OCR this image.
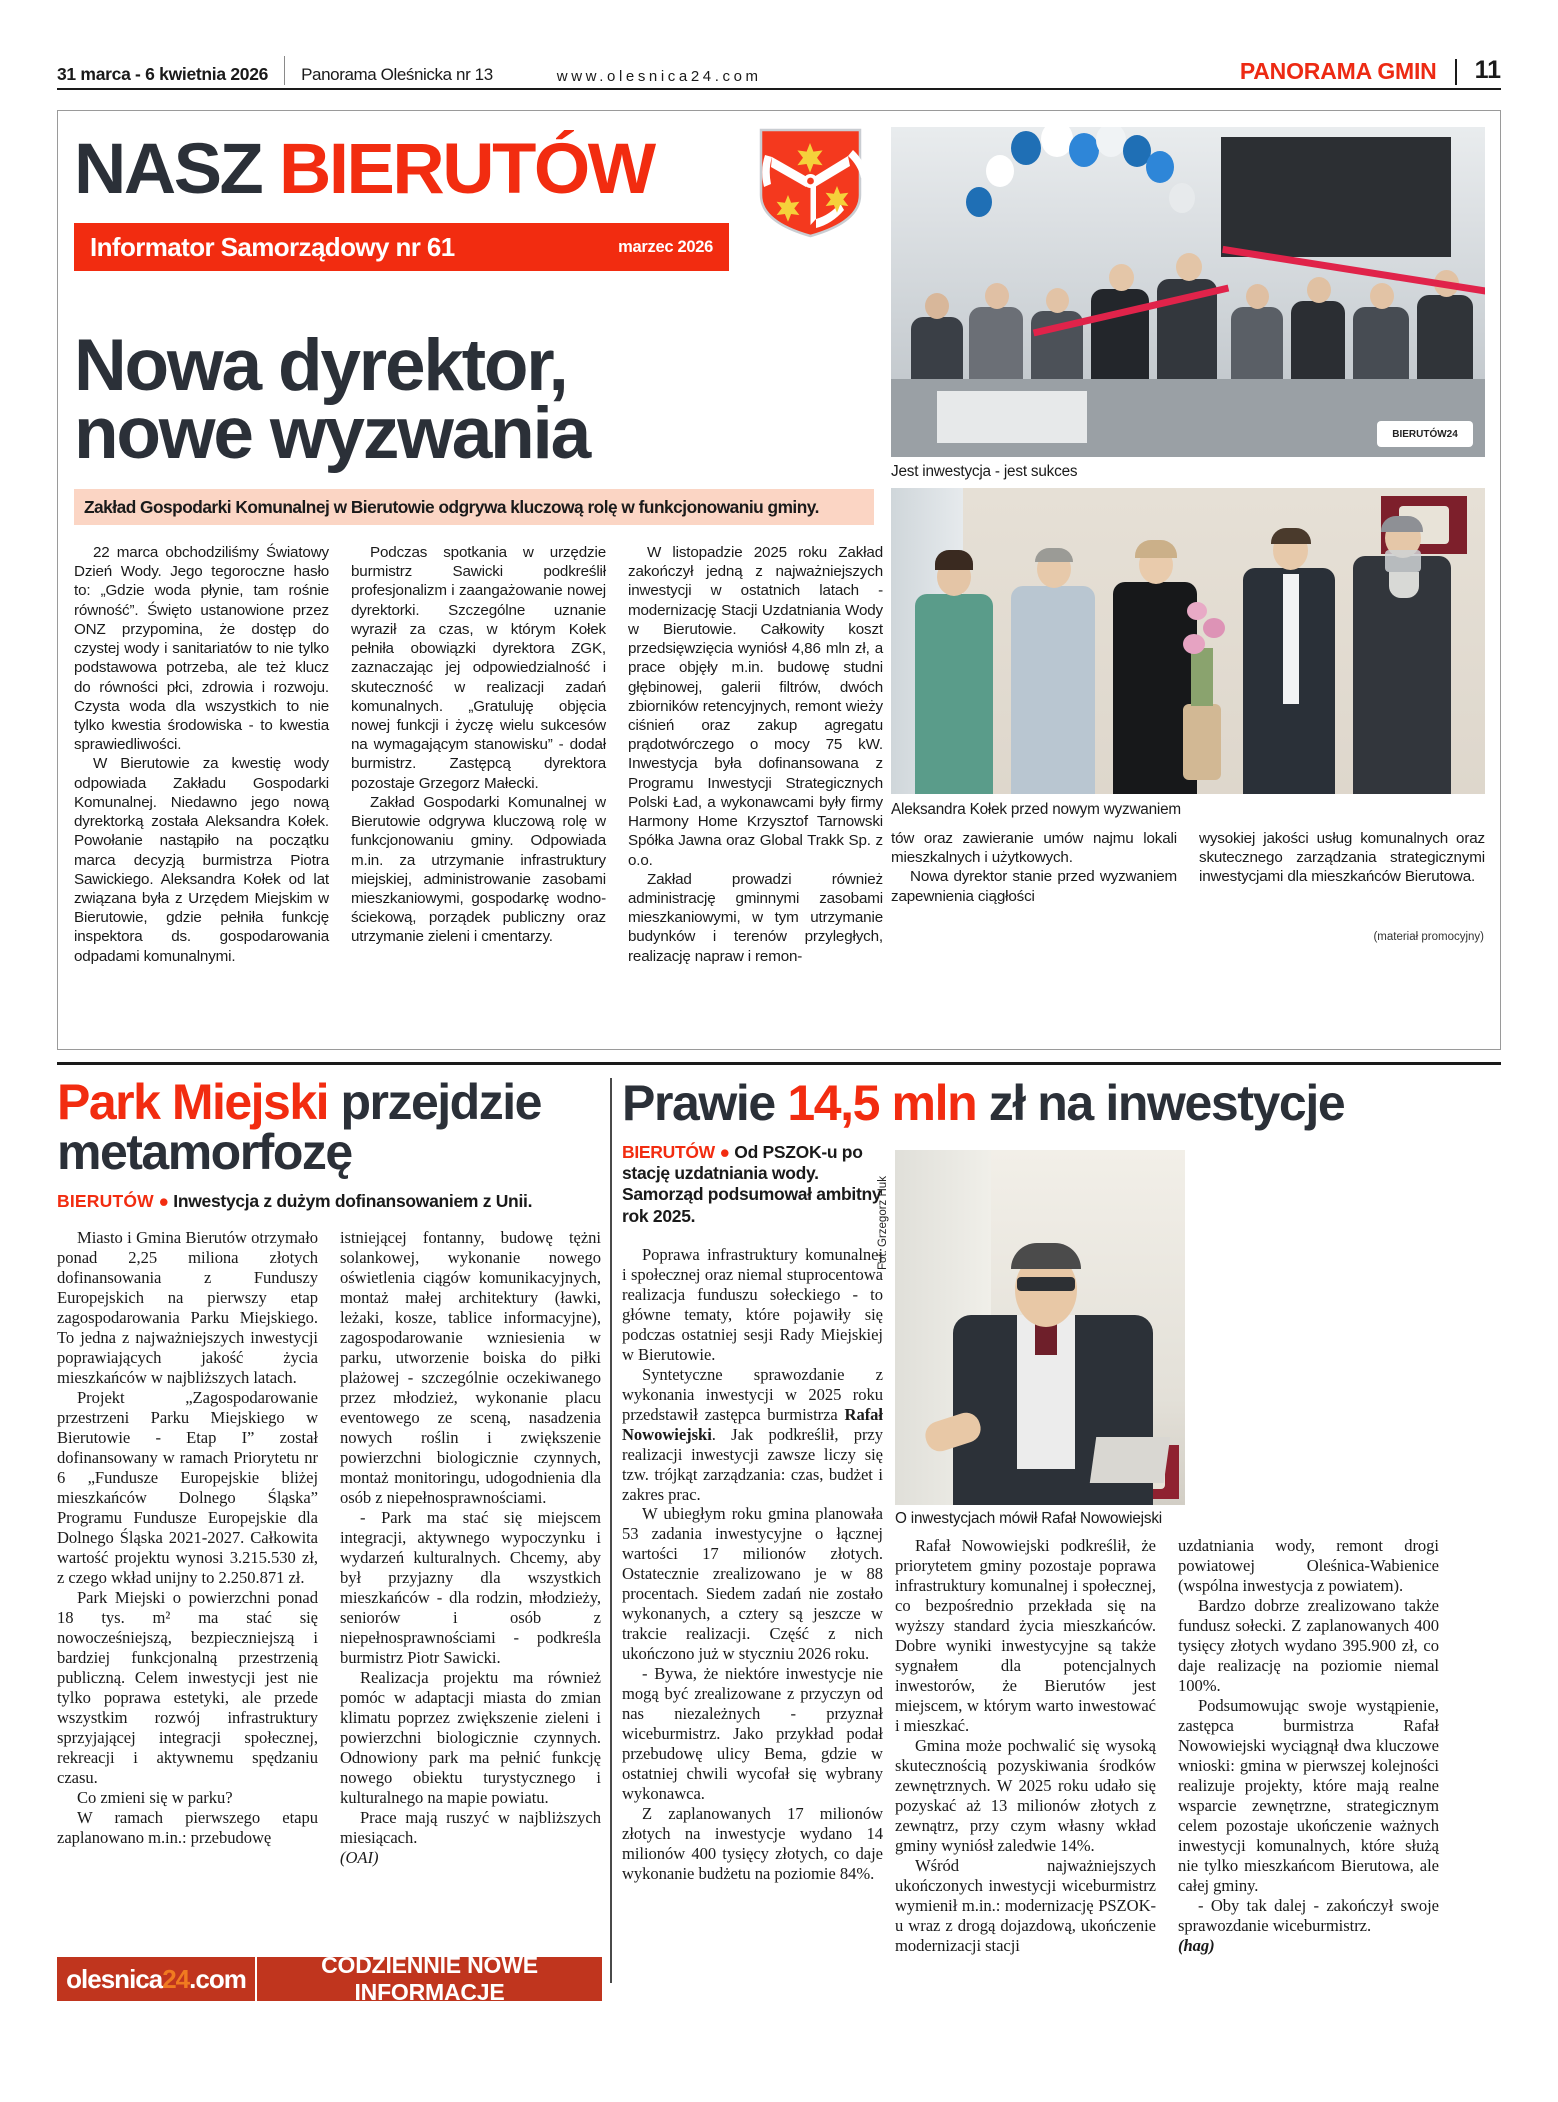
31 marca - 6 kwietnia 2026 Panorama Oleśnicka nr 13	www.olesnica24.com	PANORAMA GMIN 11
NASZ BIERUTÓW
Informator Samorządowy nr 61	marzec 2026
Nowa dyrektor,
nowe wyzwania
Zakład Gospodarki Komunalnej w Bierutowie odgrywa kluczową rolę w funkcjonowaniu gminy.

22 marca obchodziliśmy Światowy Dzień Wody. Jego tegoroczne hasło to: „Gdzie woda płynie, tam rośnie równość”. Święto ustanowione przez ONZ przypomina, że dostęp do czystej wody i sanitariatów to nie tylko podstawowa potrzeba, ale też klucz do równości płci, zdrowia i rozwoju. Czysta woda dla wszystkich to nie tylko kwestia środowiska - to kwestia sprawiedliwości.

W Bierutowie za kwestię wody odpowiada Zakładu Gospodarki Komunalnej. Niedawno jego nową dyrektorką została Aleksandra Kołek. Powołanie nastąpiło na początku marca decyzją burmistrza Piotra Sawickiego. Aleksandra Kołek od lat związana była z Urzędem Miejskim w Bierutowie, gdzie pełniła funkcję inspektora ds. gospodarowania odpadami komunalnymi.

Podczas spotkania w urzędzie burmistrz Sawicki podkreślił profesjonalizm i zaangażowanie nowej dyrektorki. Szczególne uznanie wyraził za czas, w którym Kołek pełniła obowiązki dyrektora ZGK, zaznaczając jej odpowiedzialność i skuteczność w realizacji zadań komunalnych. „Gratuluję objęcia nowej funkcji i życzę wielu sukcesów na wymagającym stanowisku” - dodał burmistrz. Zastępcą dyrektora pozostaje Grzegorz Małecki.

Zakład Gospodarki Komunalnej w Bierutowie odgrywa kluczową rolę w funkcjonowaniu gminy. Odpowiada m.in. za utrzymanie infrastruktury miejskiej, administrowanie zasobami mieszkaniowymi, gospodarkę wodno-ściekową, porządek publiczny oraz utrzymanie zieleni i cmentarzy.

W listopadzie 2025 roku Zakład zakończył jedną z najważniejszych inwestycji w ostatnich latach - modernizację Stacji Uzdatniania Wody w Bierutowie. Całkowity koszt przedsięwzięcia wyniósł 4,86 mln zł, a prace objęły m.in. budowę studni głębinowej, galerii filtrów, dwóch zbiorników retencyjnych, remont wieży ciśnień oraz zakup agregatu prądotwórczego o mocy 75 kW. Inwestycja była dofinansowana z Programu Inwestycji Strategicznych Polski Ład, a wykonawcami były firmy Harmony Home Krzysztof Tarnowski Spółka Jawna oraz Global Trakk Sp. z o.o.

Zakład prowadzi również administrację gminnymi zasobami mieszkaniowymi, w tym utrzymanie budynków i terenów przyległych, realizację napraw i remon-

BIERUTÓW24
Jest inwestycja - jest sukces
Aleksandra Kołek przed nowym wyzwaniem

tów oraz zawieranie umów najmu lokali mieszkalnych i użytkowych.

Nowa dyrektor stanie przed wyzwaniem zapewnienia ciągłości

wysokiej jakości usług komunalnych oraz skutecznego zarządzania strategicznymi inwestycjami dla mieszkańców Bierutowa.

(materiał promocyjny)
Park Miejski przejdzie metamorfozę
BIERUTÓW ● Inwestycja z dużym dofinansowaniem z Unii.

Miasto i Gmina Bierutów otrzymało ponad 2,25 miliona złotych dofinansowania z Funduszy Europejskich na pierwszy etap zagospodarowania Parku Miejskiego. To jedna z najważniejszych inwestycji poprawiających jakość życia mieszkańców w najbliższych latach.

Projekt „Zagospodarowanie przestrzeni Parku Miejskiego w Bierutowie - Etap I” został dofinansowany w ramach Priorytetu nr 6 „Fundusze Europejskie bliżej mieszkańców Dolnego Śląska” Programu Fundusze Europejskie dla Dolnego Śląska 2021-2027. Całkowita wartość projektu wynosi 3.215.530 zł, z czego wkład unijny to 2.250.871 zł.

Park Miejski o powierzchni ponad 18 tys. m² ma stać się nowocześniejszą, bezpieczniejszą i bardziej funkcjonalną przestrzenią publiczną. Celem inwestycji jest nie tylko poprawa estetyki, ale przede wszystkim rozwój infrastruktury sprzyjającej integracji społecznej, rekreacji i aktywnemu spędzaniu czasu.

Co zmieni się w parku?

W ramach pierwszego etapu zaplanowano m.in.: przebudowę

istniejącej fontanny, budowę tężni solankowej, wykonanie nowego oświetlenia ciągów komunikacyjnych, montaż małej architektury (ławki, leżaki, kosze, tablice informacyjne), zagospodarowanie wzniesienia w parku, utworzenie boiska do piłki plażowej - szczególnie oczekiwanego przez młodzież, wykonanie placu eventowego ze sceną, nasadzenia nowych roślin i zwiększenie powierzchni biologicznie czynnych, montaż monitoringu, udogodnienia dla osób z niepełnosprawnościami.

- Park ma stać się miejscem integracji, aktywnego wypoczynku i wydarzeń kulturalnych. Chcemy, aby był przyjazny dla wszystkich mieszkańców - dla rodzin, młodzieży, seniorów i osób z niepełnosprawnościami - podkreśla burmistrz Piotr Sawicki.

Realizacja projektu ma również pomóc w adaptacji miasta do zmian klimatu poprzez zwiększenie zieleni i powierzchni biologicznie czynnych. Odnowiony park ma pełnić funkcję nowego obiektu turystycznego i kulturalnego na mapie powiatu.

Prace mają ruszyć w najbliższych miesiącach.

(OAI)

Prawie 14,5 mln zł na inwestycje
BIERUTÓW ● Od PSZOK-u po stację uzdatniania wody. Samorząd podsumował ambitny rok 2025.

Poprawa infrastruktury komunalnej i społecznej oraz niemal stuprocentowa realizacja funduszu sołeckiego - to główne tematy, które pojawiły się podczas ostatniej sesji Rady Miejskiej w Bierutowie.

Syntetyczne sprawozdanie z wykonania inwestycji w 2025 roku przedstawił zastępca burmistrza Rafał Nowowiejski. Jak podkreślił, przy realizacji inwestycji zawsze liczy się tzw. trójkąt zarządzania: czas, budżet i zakres prac.

W ubiegłym roku gmina planowała 53 zadania inwestycyjne o łącznej wartości 17 milionów złotych. Ostatecznie zrealizowano je w 88 procentach. Siedem zadań nie zostało wykonanych, a cztery są jeszcze w trakcie realizacji. Część z nich ukończono już w styczniu 2026 roku.

- Bywa, że niektóre inwestycje nie mogą być zrealizowane z przyczyn od nas niezależnych - przyznał wiceburmistrz. Jako przykład podał przebudowę ulicy Bema, gdzie w ostatniej chwili wycofał się wybrany wykonawca.

Z zaplanowanych 17 milionów złotych na inwestycje wydano 14 milionów 400 tysięcy złotych, co daje wykonanie budżetu na poziomie 84%.

Fot. Grzegorz Huk
O inwestycjach mówił Rafał Nowowiejski

Rafał Nowowiejski podkreślił, że priorytetem gminy pozostaje poprawa infrastruktury komunalnej i społecznej, co bezpośrednio przekłada się na wyższy standard życia mieszkańców. Dobre wyniki inwestycyjne są także sygnałem dla potencjalnych inwestorów, że Bierutów jest miejscem, w którym warto inwestować i mieszkać.

Gmina może pochwalić się wysoką skutecznością pozyskiwania środków zewnętrznych. W 2025 roku udało się pozyskać aż 13 milionów złotych z zewnątrz, przy czym własny wkład gminy wyniósł zaledwie 14%.

Wśród najważniejszych ukończonych inwestycji wiceburmistrz wymienił m.in.: modernizację PSZOK-u wraz z drogą dojazdową, ukończenie modernizacji stacji

uzdatniania wody, remont drogi powiatowej Oleśnica-Wabienice (wspólna inwestycja z powiatem).

Bardzo dobrze zrealizowano także fundusz sołecki. Z zaplanowanych 400 tysięcy złotych wydano 395.900 zł, co daje realizację na poziomie niemal 100%.

Podsumowując swoje wystąpienie, zastępca burmistrza Rafał Nowowiejski wyciągnął dwa kluczowe wnioski: gmina w pierwszej kolejności realizuje projekty, które mają realne wsparcie zewnętrzne, strategicznym celem pozostaje ukończenie ważnych inwestycji komunalnych, które służą nie tylko mieszkańcom Bierutowa, ale całej gminy.

- Oby tak dalej - zakończył swoje sprawozdanie wiceburmistrz.

(hag)

olesnica 24 .com	CODZIENNIE NOWE INFORMACJE
